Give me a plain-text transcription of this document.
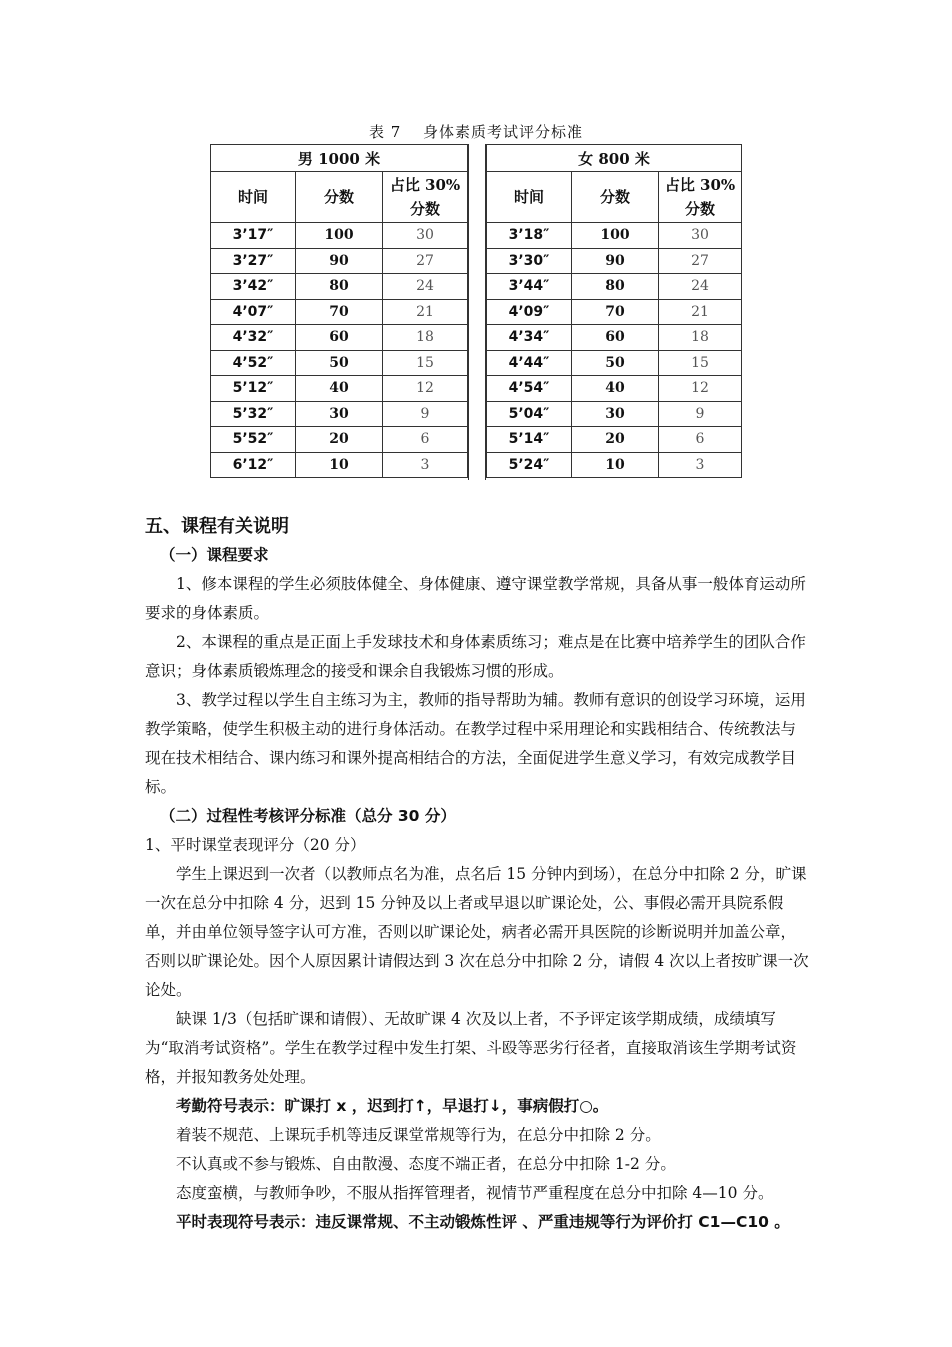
表 7　 身体素质考试评分标准
男 1000 米		
时间	分数	占比 30%
分数
3’17″	100	30
3’27″	90	27
3’42″	80	24
4’07″	70	21
4’32″	60	18
4’52″	50	15
5’12″	40	12
5’32″	30	9
5’52″	20	6
6’12″	10	3
女 800 米		
时间	分数	占比 30%
分数
3’18″	100	30
3’30″	90	27
3’44″	80	24
4’09″	70	21
4’34″	60	18
4’44″	50	15
4’54″	40	12
5’04″	30	9
5’14″	20	6
5’24″	10	3
五、课程有关说明

（一）课程要求

1、修本课程的学生必须肢体健全、身体健康、遵守课堂教学常规，具备从事一般体育运动所要求的身体素质。

2、本课程的重点是正面上手发球技术和身体素质练习；难点是在比赛中培养学生的团队合作意识；身体素质锻炼理念的接受和课余自我锻炼习惯的形成。

3、教学过程以学生自主练习为主，教师的指导帮助为辅。教师有意识的创设学习环境，运用教学策略，使学生积极主动的进行身体活动。在教学过程中采用理论和实践相结合、传统教法与现在技术相结合、课内练习和课外提高相结合的方法，全面促进学生意义学习，有效完成教学目标。

（二）过程性考核评分标准（总分 30 分）

1、平时课堂表现评分（20 分）

学生上课迟到一次者（以教师点名为准，点名后 15 分钟内到场），在总分中扣除 2 分，旷课一次在总分中扣除 4 分，迟到 15 分钟及以上者或早退以旷课论处，公、事假必需开具院系假单，并由单位领导签字认可方准，否则以旷课论处，病者必需开具医院的诊断说明并加盖公章，否则以旷课论处。因个人原因累计请假达到 3 次在总分中扣除 2 分，请假 4 次以上者按旷课一次论处。

缺课 1/3（包括旷课和请假）、无故旷课 4 次及以上者，不予评定该学期成绩，成绩填写为“取消考试资格”。学生在教学过程中发生打架、斗殴等恶劣行径者，直接取消该生学期考试资格，并报知教务处处理。

考勤符号表示：旷课打 x ，迟到打↑，早退打↓，事病假打○。

着装不规范、上课玩手机等违反课堂常规等行为，在总分中扣除 2 分。

不认真或不参与锻炼、自由散漫、态度不端正者，在总分中扣除 1-2 分。

态度蛮横，与教师争吵，不服从指挥管理者，视情节严重程度在总分中扣除 4—10 分。

平时表现符号表示：违反课常规、不主动锻炼性评 、严重违规等行为评价打 C1—C10 。
